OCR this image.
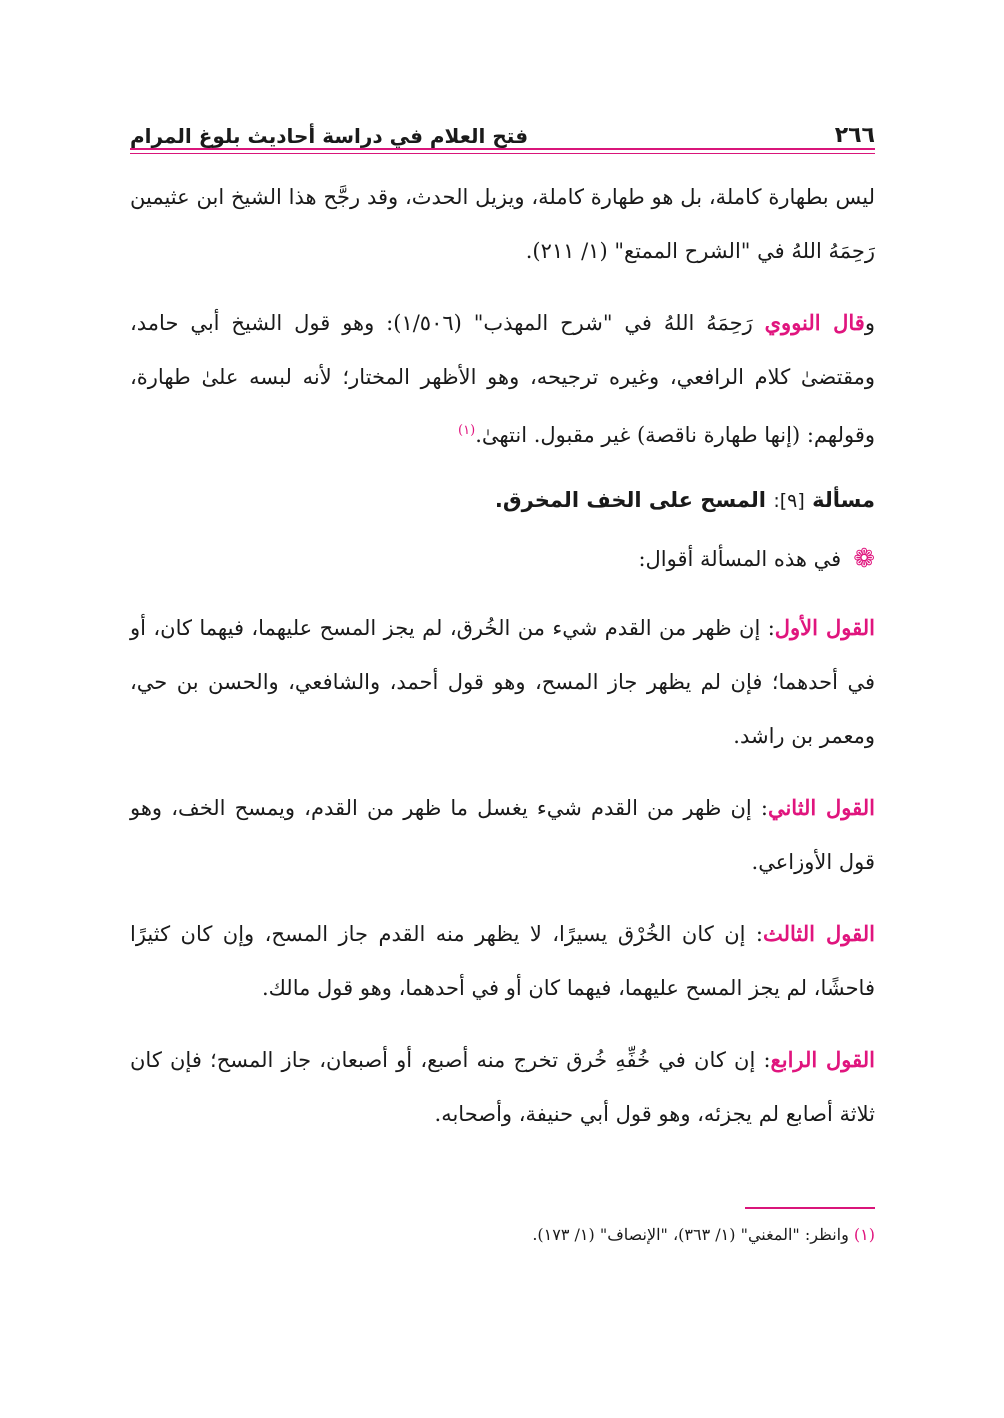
٢٦٦
فتح العلام في دراسة أحاديث بلوغ المرام

ليس بطهارة كاملة، بل هو طهارة كاملة، ويزيل الحدث، وقد رجَّح هذا الشيخ ابن عثيمين رَحِمَهُ اللهُ في "الشرح الممتع" (١/ ٢١١).

وقال النووي رَحِمَهُ اللهُ في "شرح المهذب" (١/٥٠٦): وهو قول الشيخ أبي حامد، ومقتضىٰ كلام الرافعي، وغيره ترجيحه، وهو الأظهر المختار؛ لأنه لبسه علىٰ طهارة، وقولهم: (إنها طهارة ناقصة) غير مقبول. انتهىٰ.$^{(١)}$

مسألة [٩]: المسح على الخف المخرق.
❁
في هذه المسألة أقوال:

القول الأول: إن ظهر من القدم شيء من الخُرق، لم يجز المسح عليهما، فيهما كان، أو في أحدهما؛ فإن لم يظهر جاز المسح، وهو قول أحمد، والشافعي، والحسن بن حي، ومعمر بن راشد.

القول الثاني: إن ظهر من القدم شيء يغسل ما ظهر من القدم، ويمسح الخف، وهو قول الأوزاعي.

القول الثالث: إن كان الخُرْق يسيرًا، لا يظهر منه القدم جاز المسح، وإن كان كثيرًا فاحشًا، لم يجز المسح عليهما، فيهما كان أو في أحدهما، وهو قول مالك.

القول الرابع: إن كان في خُفِّهِ خُرق تخرج منه أصبع، أو أصبعان، جاز المسح؛ فإن كان ثلاثة أصابع لم يجزئه، وهو قول أبي حنيفة، وأصحابه.

(١) وانظر: "المغني" (١/ ٣٦٣)، "الإنصاف" (١/ ١٧٣).
